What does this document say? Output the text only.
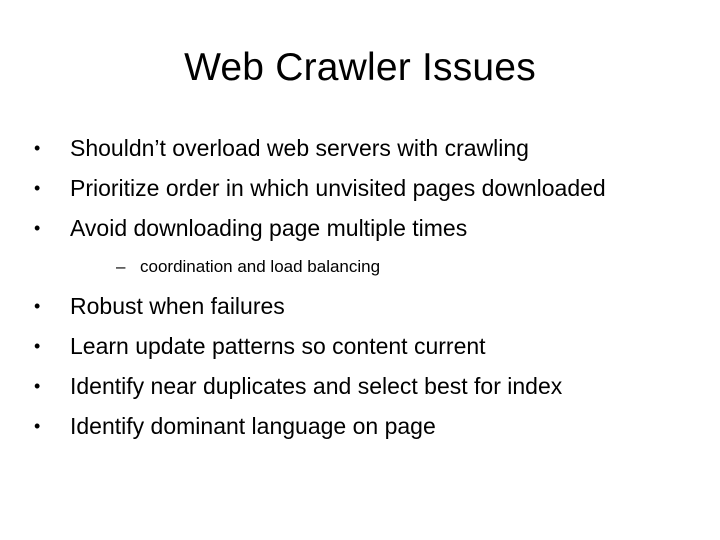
Web Crawler Issues
•	Shouldn’t overload web servers with crawling
•	Prioritize order in which unvisited pages downloaded
•	Avoid downloading page multiple times
– coordination and load balancing
•	Robust when failures
•	Learn update patterns so content current
•	Identify near duplicates and select best for index
•	Identify dominant language on page
